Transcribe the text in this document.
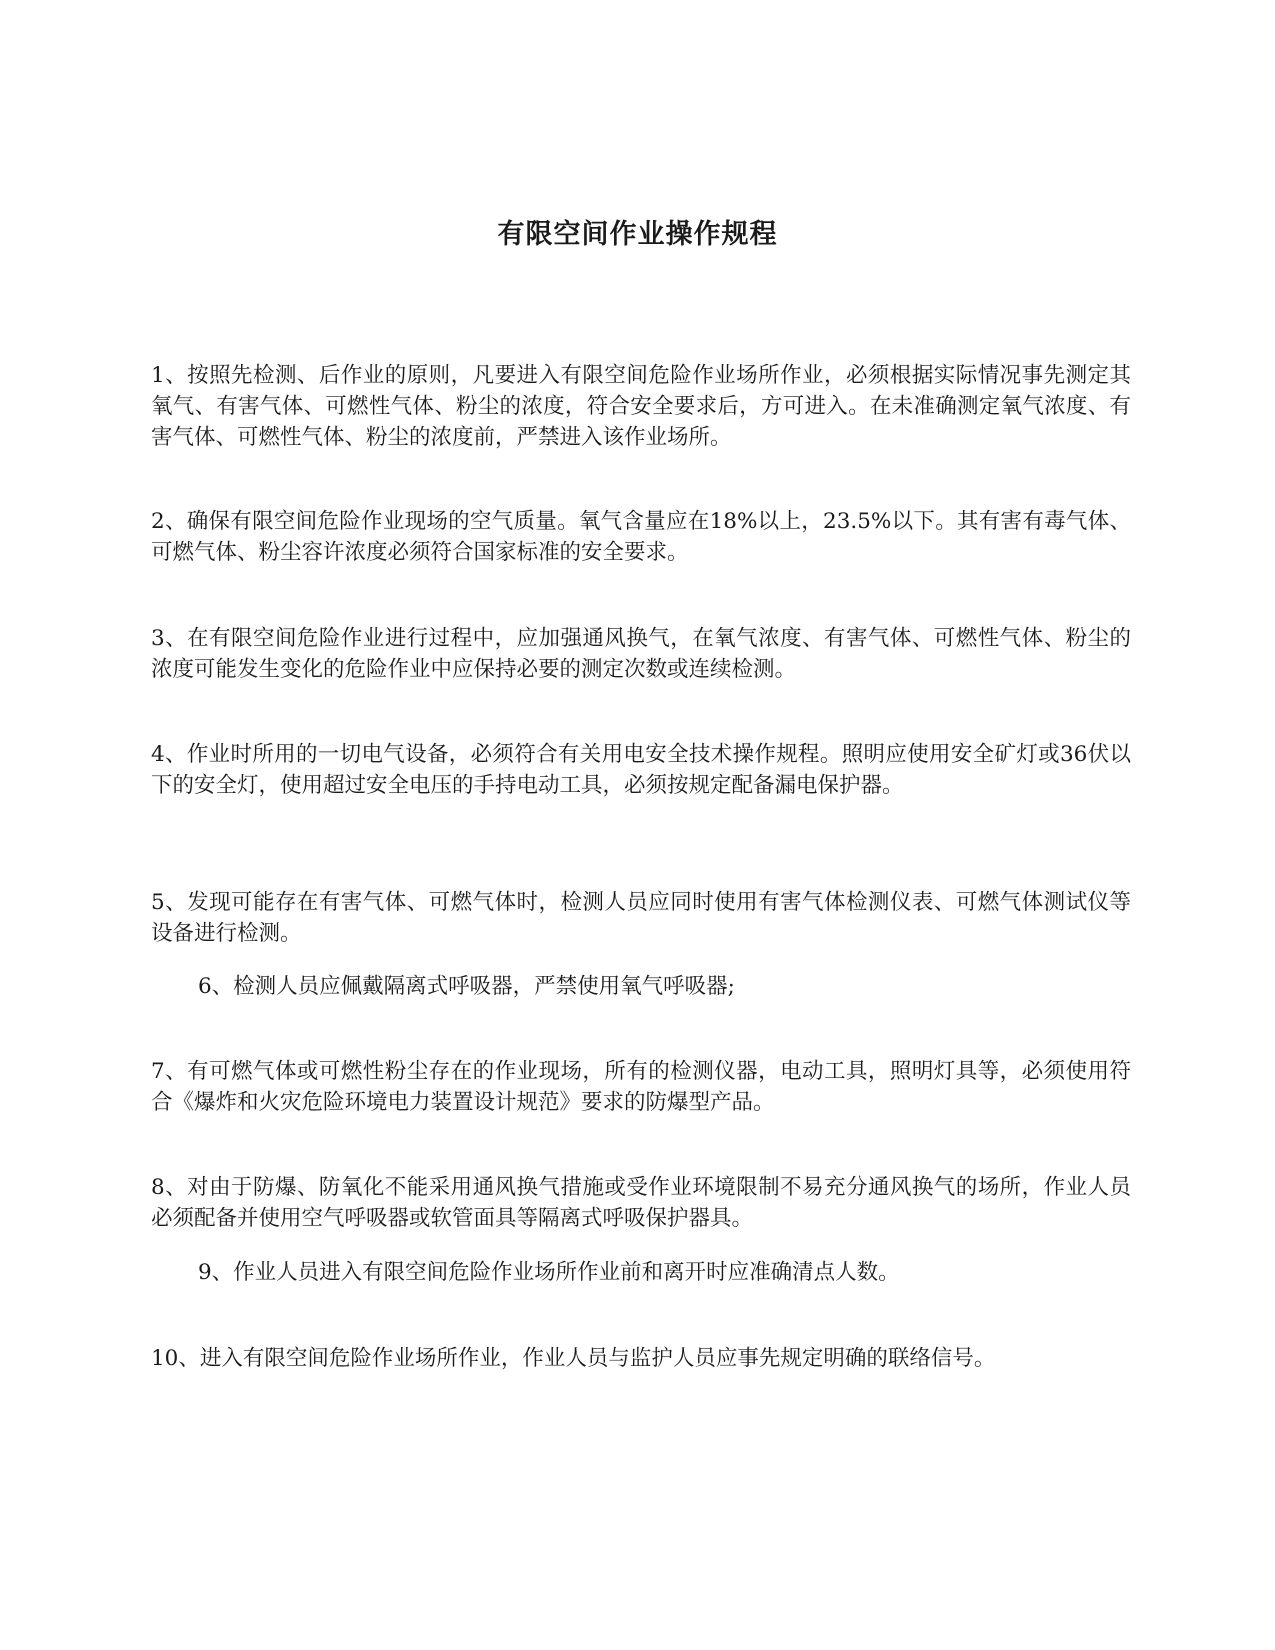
有限空间作业操作规程

1、按照先检测、后作业的原则，凡要进入有限空间危险作业场所作业，必须根据实际情况事先测定其氧气、有害气体、可燃性气体、粉尘的浓度，符合安全要求后，方可进入。在未准确测定氧气浓度、有害气体、可燃性气体、粉尘的浓度前，严禁进入该作业场所。

2、确保有限空间危险作业现场的空气质量。氧气含量应在18%以上，23.5%以下。其有害有毒气体、可燃气体、粉尘容许浓度必须符合国家标准的安全要求。

3、在有限空间危险作业进行过程中，应加强通风换气，在氧气浓度、有害气体、可燃性气体、粉尘的浓度可能发生变化的危险作业中应保持必要的测定次数或连续检测。

4、作业时所用的一切电气设备，必须符合有关用电安全技术操作规程。照明应使用安全矿灯或36伏以下的安全灯，使用超过安全电压的手持电动工具，必须按规定配备漏电保护器。

5、发现可能存在有害气体、可燃气体时，检测人员应同时使用有害气体检测仪表、可燃气体测试仪等设备进行检测。

6、检测人员应佩戴隔离式呼吸器，严禁使用氧气呼吸器;

7、有可燃气体或可燃性粉尘存在的作业现场，所有的检测仪器，电动工具，照明灯具等，必须使用符合《爆炸和火灾危险环境电力装置设计规范》要求的防爆型产品。

8、对由于防爆、防氧化不能采用通风换气措施或受作业环境限制不易充分通风换气的场所，作业人员必须配备并使用空气呼吸器或软管面具等隔离式呼吸保护器具。

9、作业人员进入有限空间危险作业场所作业前和离开时应准确清点人数。

10、进入有限空间危险作业场所作业，作业人员与监护人员应事先规定明确的联络信号。
